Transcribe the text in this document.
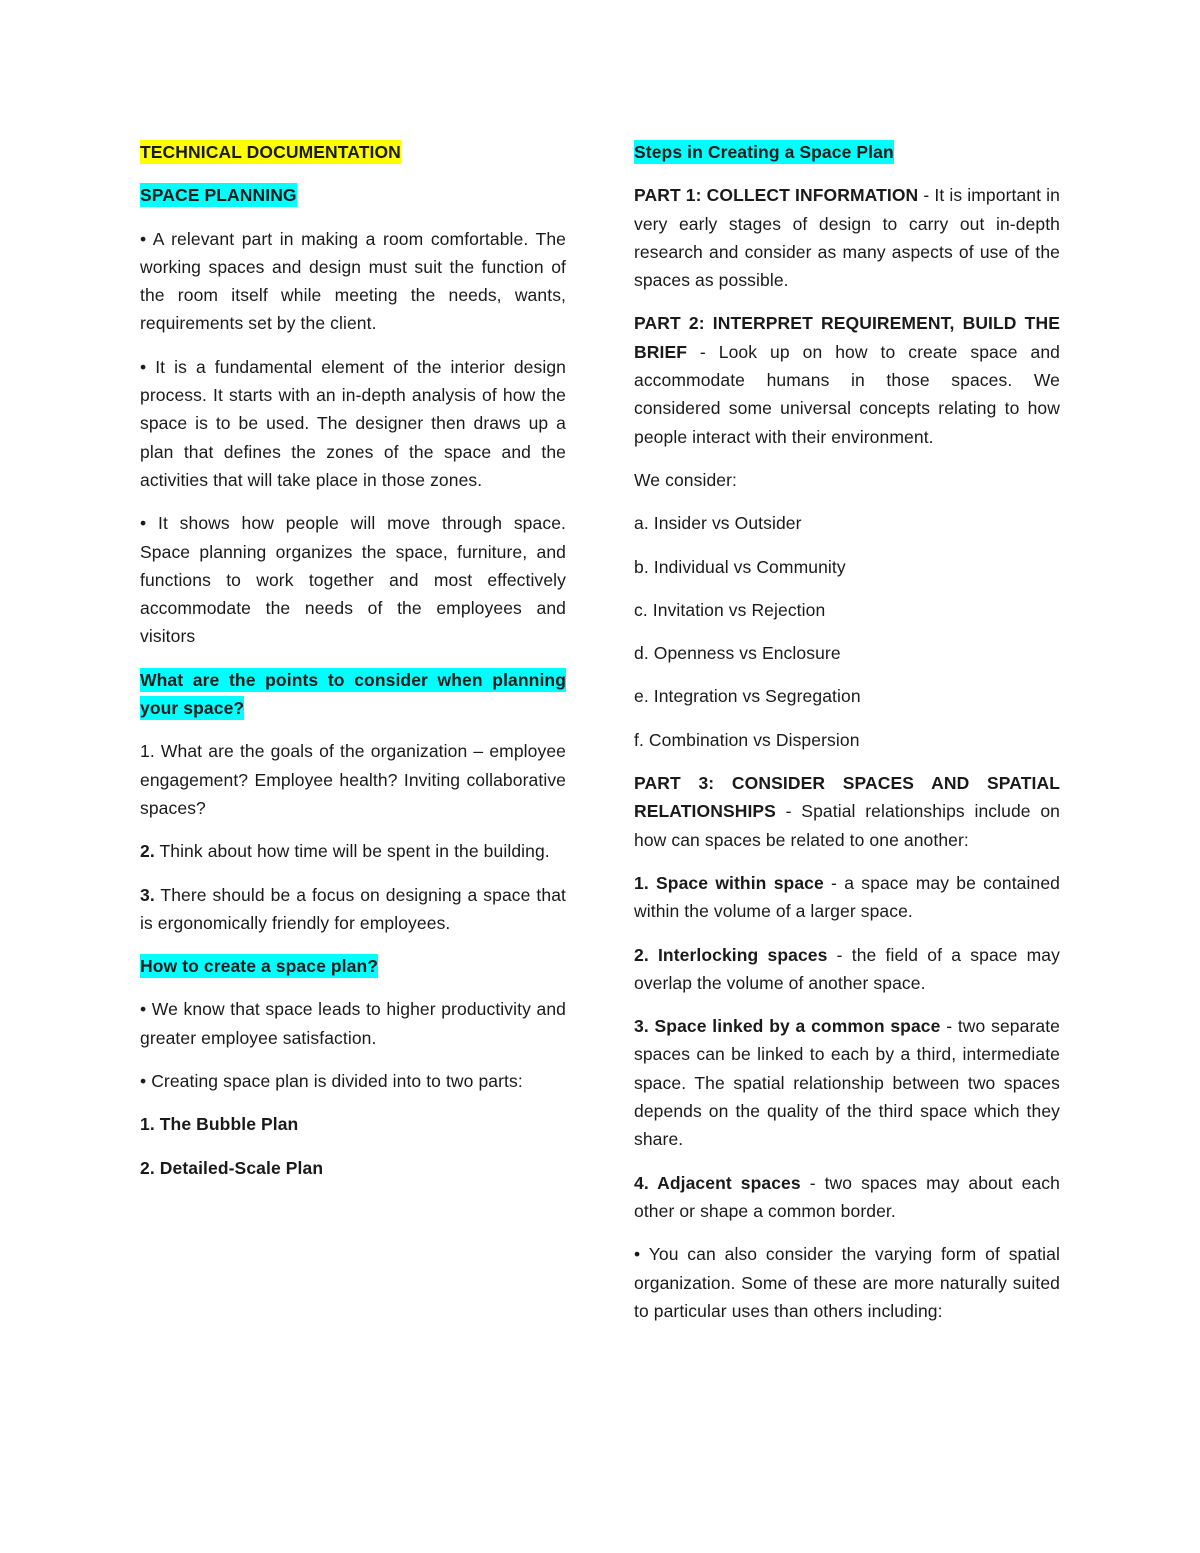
TECHNICAL DOCUMENTATION

SPACE PLANNING

• A relevant part in making a room comfortable. The working spaces and design must suit the function of the room itself while meeting the needs, wants, requirements set by the client.

• It is a fundamental element of the interior design process. It starts with an in-depth analysis of how the space is to be used. The designer then draws up a plan that defines the zones of the space and the activities that will take place in those zones.

• It shows how people will move through space. Space planning organizes the space, furniture, and functions to work together and most effectively accommodate the needs of the employees and visitors

What are the points to consider when planning your space?

1. What are the goals of the organization – employee engagement? Employee health? Inviting collaborative spaces?

2. Think about how time will be spent in the building.

3. There should be a focus on designing a space that is ergonomically friendly for employees.

How to create a space plan?

• We know that space leads to higher productivity and greater employee satisfaction.

• Creating space plan is divided into to two parts:

1. The Bubble Plan

2. Detailed-Scale Plan

Steps in Creating a Space Plan

PART 1: COLLECT INFORMATION - It is important in very early stages of design to carry out in-depth research and consider as many aspects of use of the spaces as possible.

PART 2: INTERPRET REQUIREMENT, BUILD THE BRIEF - Look up on how to create space and accommodate humans in those spaces. We considered some universal concepts relating to how people interact with their environment.

We consider:

a. Insider vs Outsider

b. Individual vs Community

c. Invitation vs Rejection

d. Openness vs Enclosure

e. Integration vs Segregation

f. Combination vs Dispersion

PART 3: CONSIDER SPACES AND SPATIAL RELATIONSHIPS - Spatial relationships include on how can spaces be related to one another:

1. Space within space - a space may be contained within the volume of a larger space.

2. Interlocking spaces - the field of a space may overlap the volume of another space.

3. Space linked by a common space - two separate spaces can be linked to each by a third, intermediate space. The spatial relationship between two spaces depends on the quality of the third space which they share.

4. Adjacent spaces - two spaces may about each other or shape a common border.

• You can also consider the varying form of spatial organization. Some of these are more naturally suited to particular uses than others including:
